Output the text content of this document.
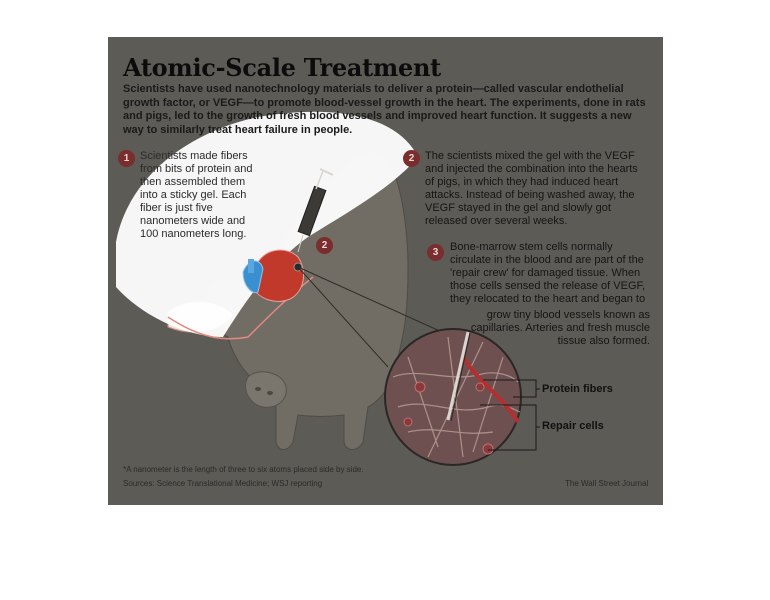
Atomic-Scale Treatment
Scientists have used nanotechnology materials to deliver a protein—called vascular endothelial growth factor, or VEGF—to promote blood-vessel growth in the heart. The experiments, done in rats and pigs, led to the growth of fresh blood vessels and improved heart function. It suggests a new way to similarly treat heart failure in people.
1 Scientists made fibers from bits of protein and then assembled them into a sticky gel. Each fiber is just five nanometers wide and 100 nanometers long.
2 The scientists mixed the gel with the VEGF and injected the combination into the hearts of pigs, in which they had induced heart attacks. Instead of being washed away, the VEGF stayed in the gel and slowly got released over several weeks.
3	Bone-marrow stem cells normally circulate in the blood and are part of the 'repair crew' for damaged tissue. When those cells sensed the release of VEGF, they relocated to the heart and began to
grow tiny blood vessels known as capillaries. Arteries and fresh muscle tissue also formed.
2
Protein fibers
Repair cells
*A nanometer is the length of three to six atoms placed side by side.
Sources: Science Translational Medicine; WSJ reporting	The Wall Street Journal
